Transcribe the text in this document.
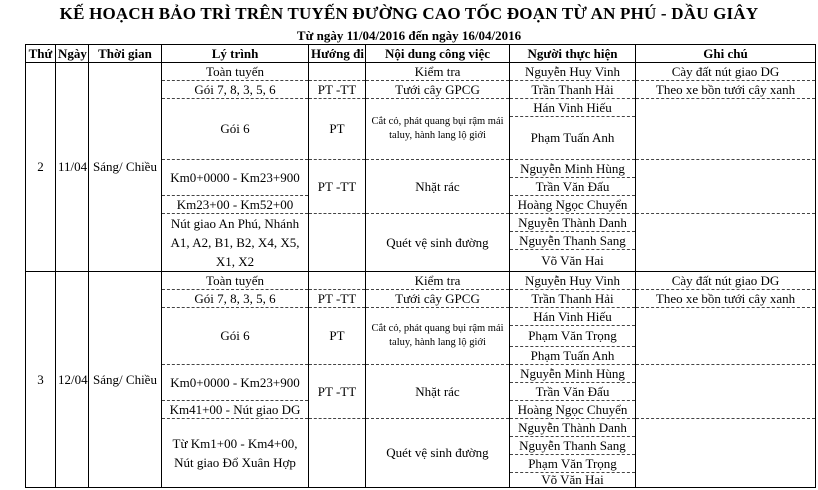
KẾ HOẠCH BẢO TRÌ TRÊN TUYẾN ĐƯỜNG CAO TỐC ĐOẠN TỪ AN PHÚ - DẦU GIÂY
Từ ngày 11/04/2016 đến ngày 16/04/2016
Thứ	Ngày	Thời gian	Lý trình	Hướng đi	Nội dung công việc	Người thực hiện	Ghi chú
2	11/04	Sáng/ Chiều	Toàn tuyến		Kiểm tra	Nguyễn Huy Vinh	Cày đất nút giao DG
			Gói 7, 8, 3, 5, 6	PT -TT	Tưới cây GPCG	Trần Thanh Hải	Theo xe bồn tưới cây xanh
			Gói 6	PT	Cắt cỏ, phát quang bụi rậm mái taluy, hành lang lộ giới	Hán Vinh Hiếu	
						Phạm Tuấn Anh	
			Km0+0000 - Km23+900	PT -TT	Nhặt rác	Nguyễn Minh Hùng	
						Trần Văn Đấu	
			Km23+00 - Km52+00			Hoàng Ngọc Chuyển	
			Nút giao An Phú, Nhánh A1, A2, B1, B2, X4, X5, X1, X2		Quét vệ sinh đường	Nguyễn Thành Danh	
						Nguyễn Thanh Sang	
						Võ Văn Hai	

3	12/04	Sáng/ Chiều	Toàn tuyến		Kiểm tra	Nguyễn Huy Vinh	Cày đất nút giao DG
			Gói 7, 8, 3, 5, 6	PT -TT	Tưới cây GPCG	Trần Thanh Hải	Theo xe bồn tưới cây xanh
			Gói 6	PT	Cắt cỏ, phát quang bụi rậm mái taluy, hành lang lộ giới	Hán Vinh Hiếu	
						Phạm Văn Trọng	
						Phạm Tuấn Anh	
			Km0+0000 - Km23+900	PT -TT	Nhặt rác	Nguyễn Minh Hùng	
						Trần Văn Đấu	
			Km41+00 - Nút giao DG			Hoàng Ngọc Chuyển	
			Từ Km1+00 - Km4+00, Nút giao Đổ Xuân Hợp		Quét vệ sinh đường	Nguyễn Thành Danh	
						Nguyễn Thanh Sang	
						Phạm Văn Trọng	
						Võ Văn Hai	
